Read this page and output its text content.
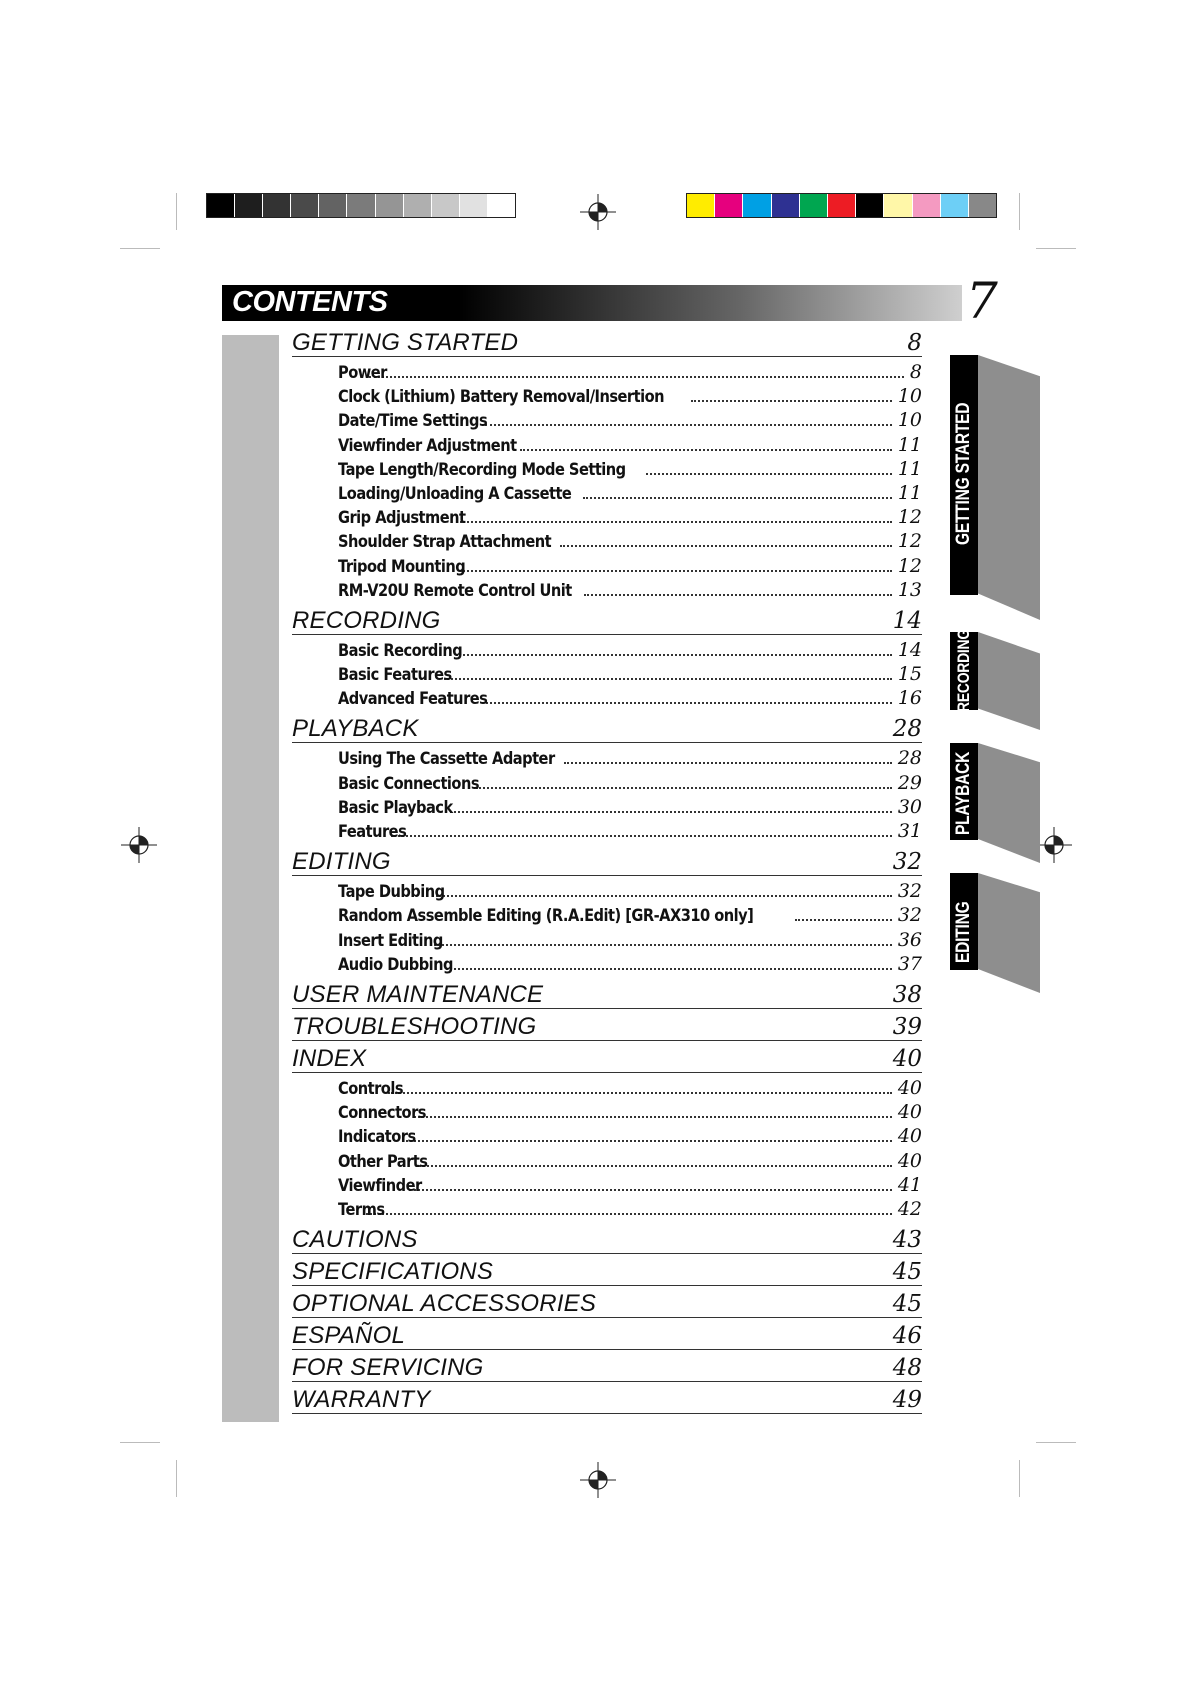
CONTENTS	7
GETTING STARTED	8
Power	8
Clock (Lithium) Battery Removal/Insertion	10
Date/Time Settings	10
Viewfinder Adjustment	11
Tape Length/Recording Mode Setting	11
Loading/Unloading A Cassette	11
Grip Adjustment	12
Shoulder Strap Attachment	12
Tripod Mounting	12
RM-V20U Remote Control Unit	13
RECORDING	14
Basic Recording	14
Basic Features	15
Advanced Features	16
PLAYBACK	28
Using The Cassette Adapter	28
Basic Connections	29
Basic Playback	30
Features	31
EDITING	32
Tape Dubbing	32
Random Assemble Editing (R.A.Edit) [GR-AX310 only]	32
Insert Editing	36
Audio Dubbing	37
USER MAINTENANCE	38
TROUBLESHOOTING	39
INDEX	40
Controls	40
Connectors	40
Indicators	40
Other Parts	40
Viewfinder	41
Terms	42
CAUTIONS	43
SPECIFICATIONS	45
OPTIONAL ACCESSORIES	45
ESPAÑOL	46
FOR SERVICING	48
WARRANTY	49
GETTING STARTED
RECORDING
PLAYBACK
EDITING
